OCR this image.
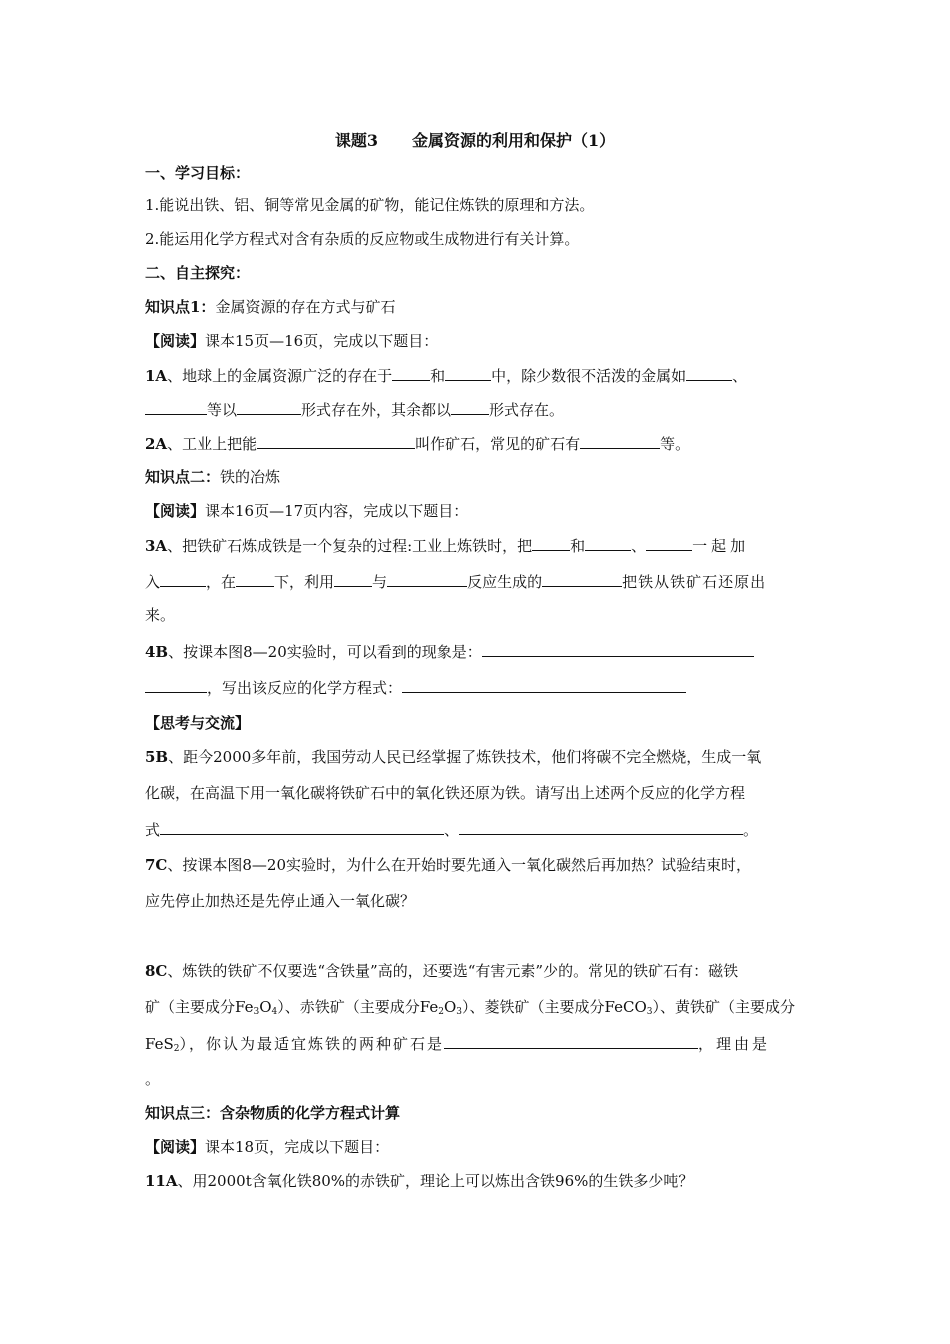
课题3 金属资源的利用和保护（1）
一、学习目标：
1.能说出铁、铝、铜等常见金属的矿物，能记住炼铁的原理和方法。
2.能运用化学方程式对含有杂质的反应物或生成物进行有关计算。
二、自主探究：
知识点1：金属资源的存在方式与矿石
【阅读】课本15页—16页，完成以下题目：
1A、地球上的金属资源广泛的存在于	和	中，除少数很不活泼的金属如	、
等以	形式存在外，其余都以	形式存在。
2A、工业上把能	叫作矿石，常见的矿石有	等。
知识点二：铁的冶炼
【阅读】课本16页—17页内容，完成以下题目：
3A、把铁矿石炼成铁是一个复杂的过程:工业上炼铁时，把	和	、	一起加
入	，在	下，利用	与	反应生成的	把铁从铁矿石还原出
来。
4B、按课本图8—20实验时，可以看到的现象是：
，写出该反应的化学方程式：
【思考与交流】
5B、距今2000多年前，我国劳动人民已经掌握了炼铁技术，他们将碳不完全燃烧，生成一氧
化碳，在高温下用一氧化碳将铁矿石中的氧化铁还原为铁。请写出上述两个反应的化学方程
式	、	。
7C、按课本图8—20实验时，为什么在开始时要先通入一氧化碳然后再加热？试验结束时，
应先停止加热还是先停止通入一氧化碳？
8C、炼铁的铁矿不仅要选“含铁量”高的，还要选“有害元素”少的。常见的铁矿石有：磁铁
矿（主要成分$Fe_3O_4$）、赤铁矿（主要成分$Fe_2O_3$）、菱铁矿（主要成分FeCO$_3$）、黄铁矿（主要成分
FeS$_2$），你认为最适宜炼铁的两种矿石是	，理由是
。
知识点三：含杂物质的化学方程式计算
【阅读】课本18页，完成以下题目：
11A、用2000t含氧化铁80%的赤铁矿，理论上可以炼出含铁96%的生铁多少吨？
